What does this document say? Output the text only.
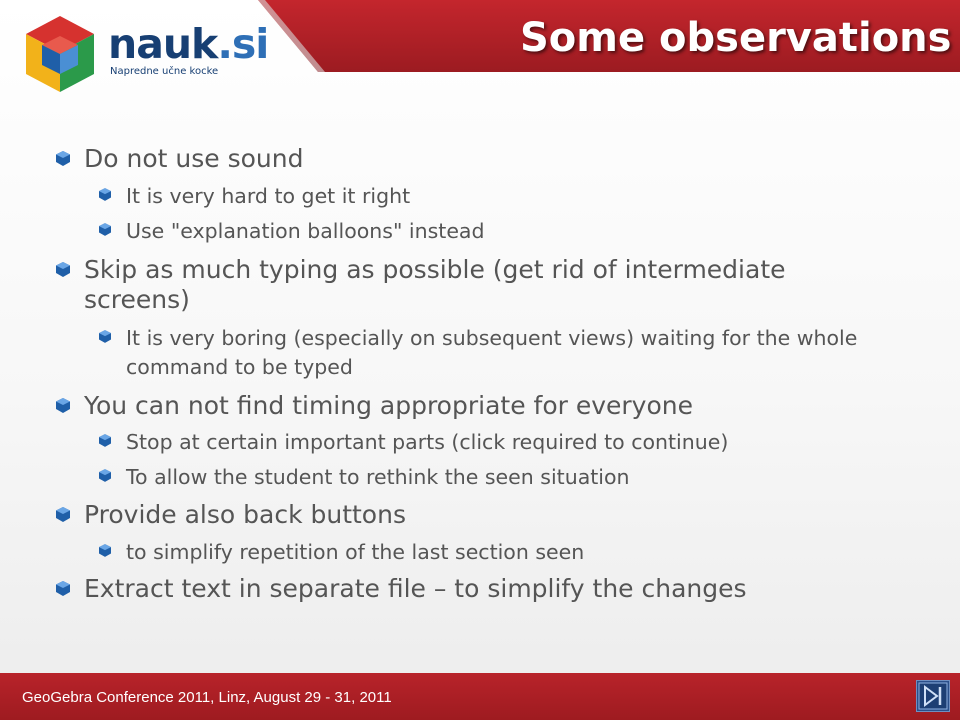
nauk.si
Napredne učne kocke
Some observations
Do not use sound
It is very hard to get it right
Use "explanation balloons" instead
Skip as much typing as possible (get rid of intermediate screens)
It is very boring (especially on subsequent views) waiting for the whole command to be typed
You can not find timing appropriate for everyone
Stop at certain important parts (click required to continue)
To allow the student to rethink the seen situation
Provide also back buttons
to simplify repetition of the last section seen
Extract text in separate file – to simplify the changes
GeoGebra Conference 2011, Linz, August 29 - 31, 2011
